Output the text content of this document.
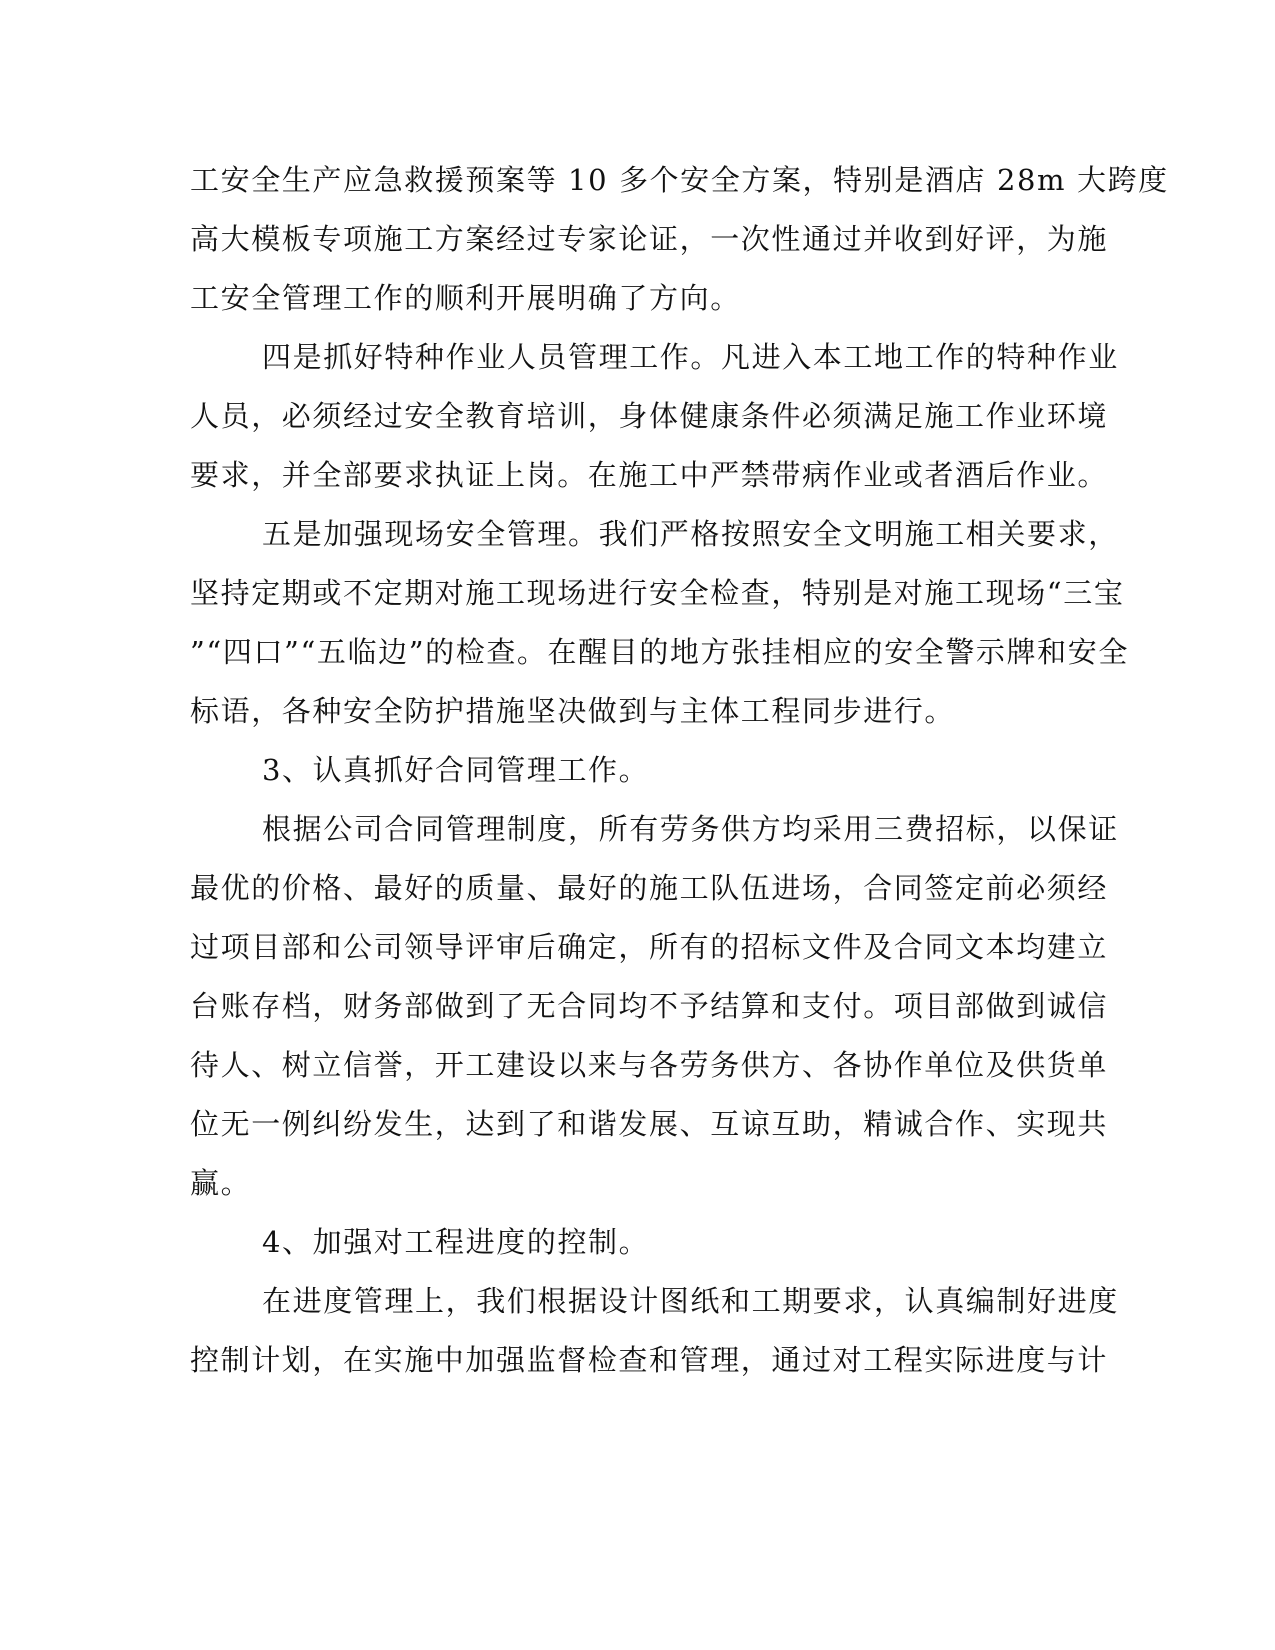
工安全生产应急救援预案等 10 多个安全方案，特别是酒店 28m 大跨度
高大模板专项施工方案经过专家论证，一次性通过并收到好评，为施
工安全管理工作的顺利开展明确了方向。
四是抓好特种作业人员管理工作。凡进入本工地工作的特种作业
人员，必须经过安全教育培训，身体健康条件必须满足施工作业环境
要求，并全部要求执证上岗。在施工中严禁带病作业或者酒后作业。
五是加强现场安全管理。我们严格按照安全文明施工相关要求，
坚持定期或不定期对施工现场进行安全检查，特别是对施工现场“三宝
”“四口”“五临边”的检查。在醒目的地方张挂相应的安全警示牌和安全
标语，各种安全防护措施坚决做到与主体工程同步进行。
3、认真抓好合同管理工作。
根据公司合同管理制度，所有劳务供方均采用三费招标，以保证
最优的价格、最好的质量、最好的施工队伍进场，合同签定前必须经
过项目部和公司领导评审后确定，所有的招标文件及合同文本均建立
台账存档，财务部做到了无合同均不予结算和支付。项目部做到诚信
待人、树立信誉，开工建设以来与各劳务供方、各协作单位及供货单
位无一例纠纷发生，达到了和谐发展、互谅互助，精诚合作、实现共
赢。
4、加强对工程进度的控制。
在进度管理上，我们根据设计图纸和工期要求，认真编制好进度
控制计划，在实施中加强监督检查和管理，通过对工程实际进度与计
